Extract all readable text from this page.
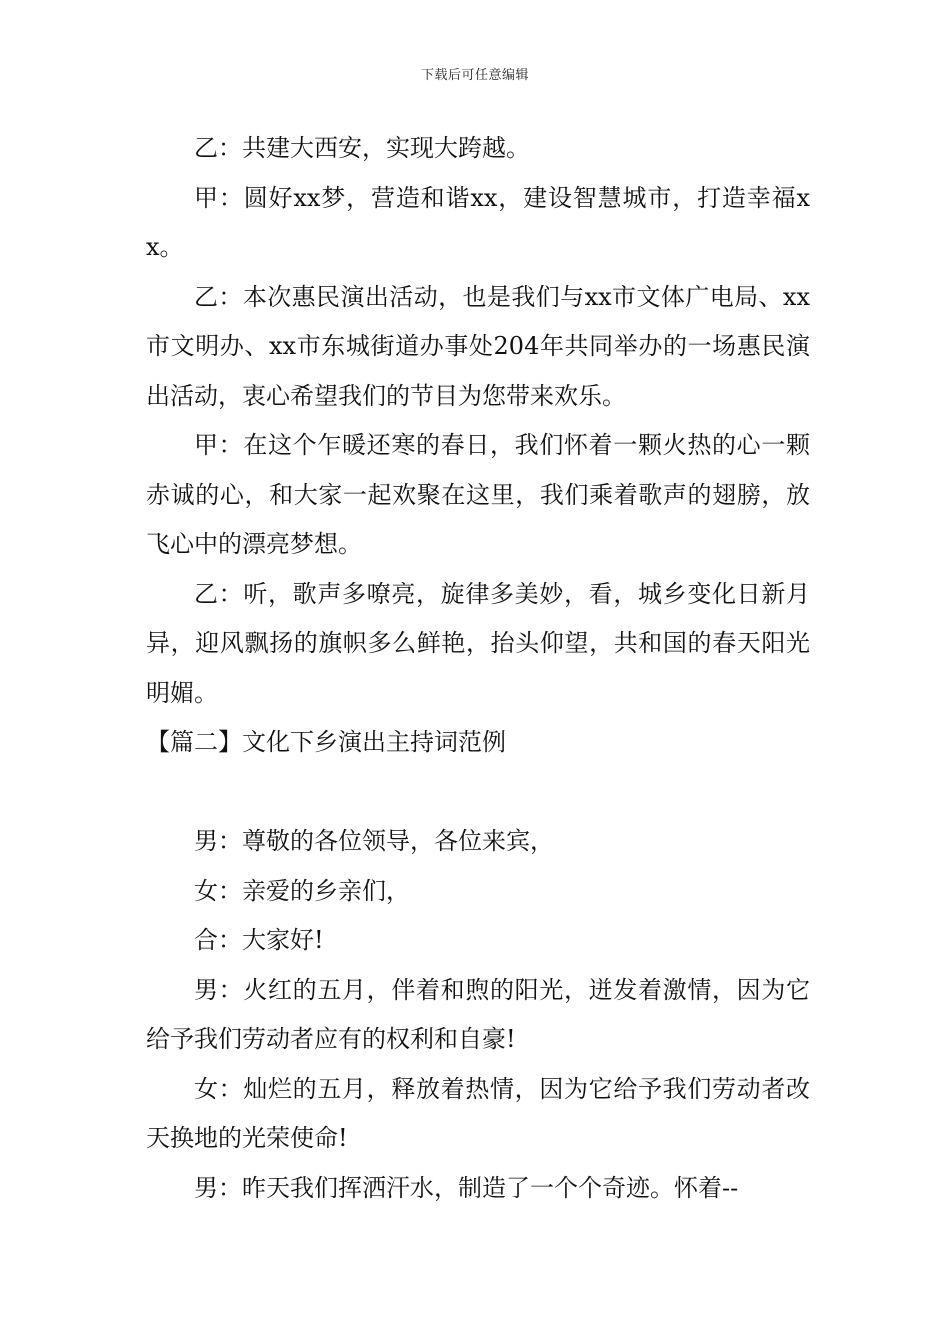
下载后可任意编辑

乙：共建大西安，实现大跨越。

甲：圆好xx梦，营造和谐xx，建设智慧城市，打造幸福xx。

乙：本次惠民演出活动，也是我们与xx市文体广电局、xx市文明办、xx市东城街道办事处204年共同举办的一场惠民演出活动，衷心希望我们的节目为您带来欢乐。

甲：在这个乍暖还寒的春日，我们怀着一颗火热的心一颗赤诚的心，和大家一起欢聚在这里，我们乘着歌声的翅膀，放飞心中的漂亮梦想。

乙：听，歌声多嘹亮，旋律多美妙，看，城乡变化日新月异，迎风飘扬的旗帜多么鲜艳，抬头仰望，共和国的春天阳光明媚。

【篇二】文化下乡演出主持词范例

男：尊敬的各位领导，各位来宾，

女：亲爱的乡亲们，

合：大家好!

男：火红的五月，伴着和煦的阳光，迸发着激情，因为它给予我们劳动者应有的权利和自豪!

女：灿烂的五月，释放着热情，因为它给予我们劳动者改天换地的光荣使命!

男：昨天我们挥洒汗水，制造了一个个奇迹。怀着--
